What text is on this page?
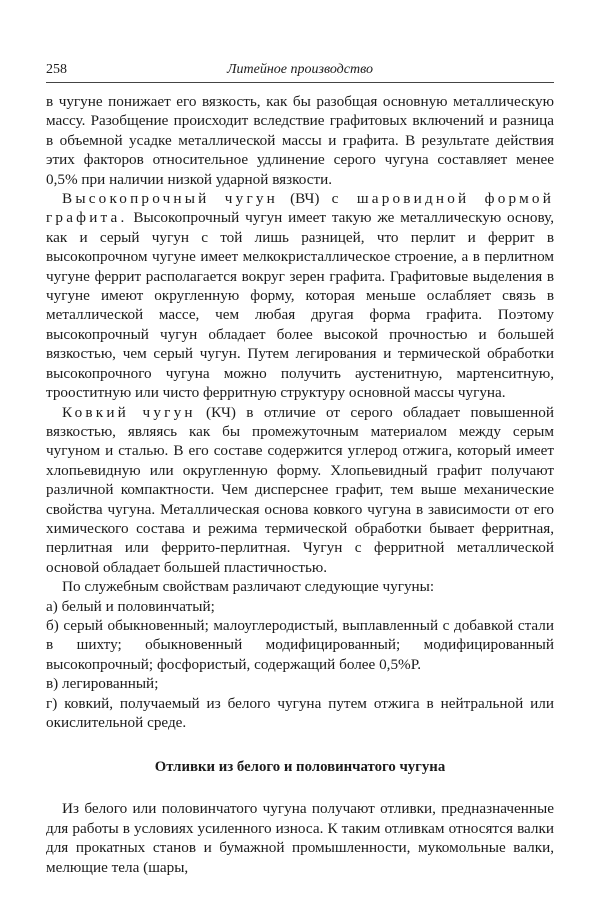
258	Литейное производство

в чугуне понижает его вязкость, как бы разобщая основную металлическую массу. Разобщение происходит вследствие графитовых включений и разница в объемной усадке металлической массы и графита. В результате действия этих факторов относительное удлинение серого чугуна составляет менее 0,5% при наличии низкой ударной вязкости.

Высокопрочный чугун (ВЧ) с шаровидной формой графита. Высокопрочный чугун имеет такую же металлическую основу, как и серый чугун с той лишь разницей, что перлит и феррит в высокопрочном чугуне имеет мелкокристаллическое строение, а в перлитном чугуне феррит располагается вокруг зерен графита. Графитовые выделения в чугуне имеют округленную форму, которая меньше ослабляет связь в металлической массе, чем любая другая форма графита. Поэтому высокопрочный чугун обладает более высокой прочностью и большей вязкостью, чем серый чугун. Путем легирования и термической обработки высокопрочного чугуна можно получить аустенитную, мартенситную, трооститную или чисто ферритную структуру основной массы чугуна.

Ковкий чугун (КЧ) в отличие от серого обладает повышенной вязкостью, являясь как бы промежуточным материалом между серым чугуном и сталью. В его составе содержится углерод отжига, который имеет хлопьевидную или округленную форму. Хлопьевидный графит получают различной компактности. Чем дисперснее графит, тем выше механические свойства чугуна. Металлическая основа ковкого чугуна в зависимости от его химического состава и режима термической обработки бывает ферритная, перлитная или феррито-перлитная. Чугун с ферритной металлической основой обладает большей пластичностью.

По служебным свойствам различают следующие чугуны:

а) белый и половинчатый;

б) серый обыкновенный; малоуглеродистый, выплавленный с добавкой стали в шихту; обыкновенный модифицированный; модифицированный высокопрочный; фосфористый, содержащий более 0,5%Р.

в) легированный;

г) ковкий, получаемый из белого чугуна путем отжига в нейтральной или окислительной среде.

Отливки из белого и половинчатого чугуна

Из белого или половинчатого чугуна получают отливки, предназначенные для работы в условиях усиленного износа. К таким отливкам относятся валки для прокатных станов и бумажной промышленности, мукомольные валки, мелющие тела (шары,
